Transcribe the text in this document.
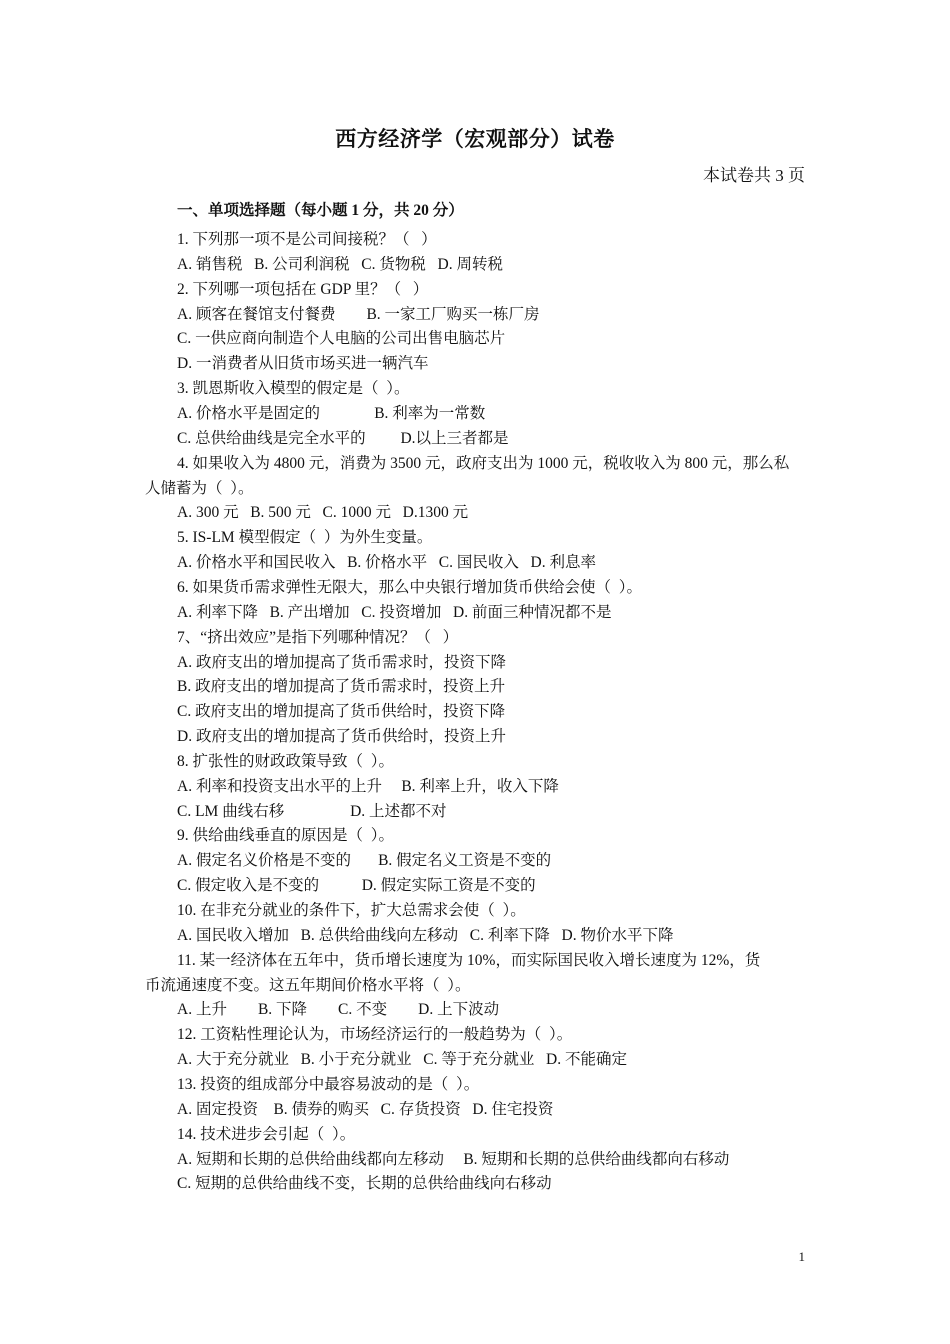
西方经济学（宏观部分）试卷
本试卷共 3 页
一、单项选择题（每小题 1 分，共 20 分）
1. 下列那一项不是公司间接税？（   ）
A. 销售税   B. 公司利润税   C. 货物税   D. 周转税
2. 下列哪一项包括在 GDP 里？（   ）
A. 顾客在餐馆支付餐费        B. 一家工厂购买一栋厂房
C. 一供应商向制造个人电脑的公司出售电脑芯片
D. 一消费者从旧货市场买进一辆汽车
3. 凯恩斯收入模型的假定是（  ）。
A. 价格水平是固定的              B. 利率为一常数
C. 总供给曲线是完全水平的         D.以上三者都是
4. 如果收入为 4800 元，消费为 3500 元，政府支出为 1000 元，税收收入为 800 元，那么私
人储蓄为（  ）。
A. 300 元   B. 500 元   C. 1000 元   D.1300 元
5. IS-LM 模型假定（  ）为外生变量。
A. 价格水平和国民收入   B. 价格水平   C. 国民收入   D. 利息率
6. 如果货币需求弹性无限大，那么中央银行增加货币供给会使（  ）。
A. 利率下降   B. 产出增加   C. 投资增加   D. 前面三种情况都不是
7、“挤出效应”是指下列哪种情况？（   ）
A. 政府支出的增加提高了货币需求时，投资下降
B. 政府支出的增加提高了货币需求时，投资上升
C. 政府支出的增加提高了货币供给时，投资下降
D. 政府支出的增加提高了货币供给时，投资上升
8. 扩张性的财政政策导致（  ）。
A. 利率和投资支出水平的上升     B. 利率上升，收入下降
C. LM 曲线右移                 D. 上述都不对
9. 供给曲线垂直的原因是（  ）。
A. 假定名义价格是不变的       B. 假定名义工资是不变的
C. 假定收入是不变的           D. 假定实际工资是不变的
10. 在非充分就业的条件下，扩大总需求会使（  ）。
A. 国民收入增加   B. 总供给曲线向左移动   C. 利率下降   D. 物价水平下降
11. 某一经济体在五年中，货币增长速度为 10%，而实际国民收入增长速度为 12%，货
币流通速度不变。这五年期间价格水平将（  ）。
A. 上升        B. 下降        C. 不变        D. 上下波动
12. 工资粘性理论认为，市场经济运行的一般趋势为（  ）。
A. 大于充分就业   B. 小于充分就业   C. 等于充分就业   D. 不能确定
13. 投资的组成部分中最容易波动的是（  ）。
A. 固定投资    B. 债券的购买   C. 存货投资   D. 住宅投资
14. 技术进步会引起（  ）。
A. 短期和长期的总供给曲线都向左移动     B. 短期和长期的总供给曲线都向右移动
C. 短期的总供给曲线不变，长期的总供给曲线向右移动
1
